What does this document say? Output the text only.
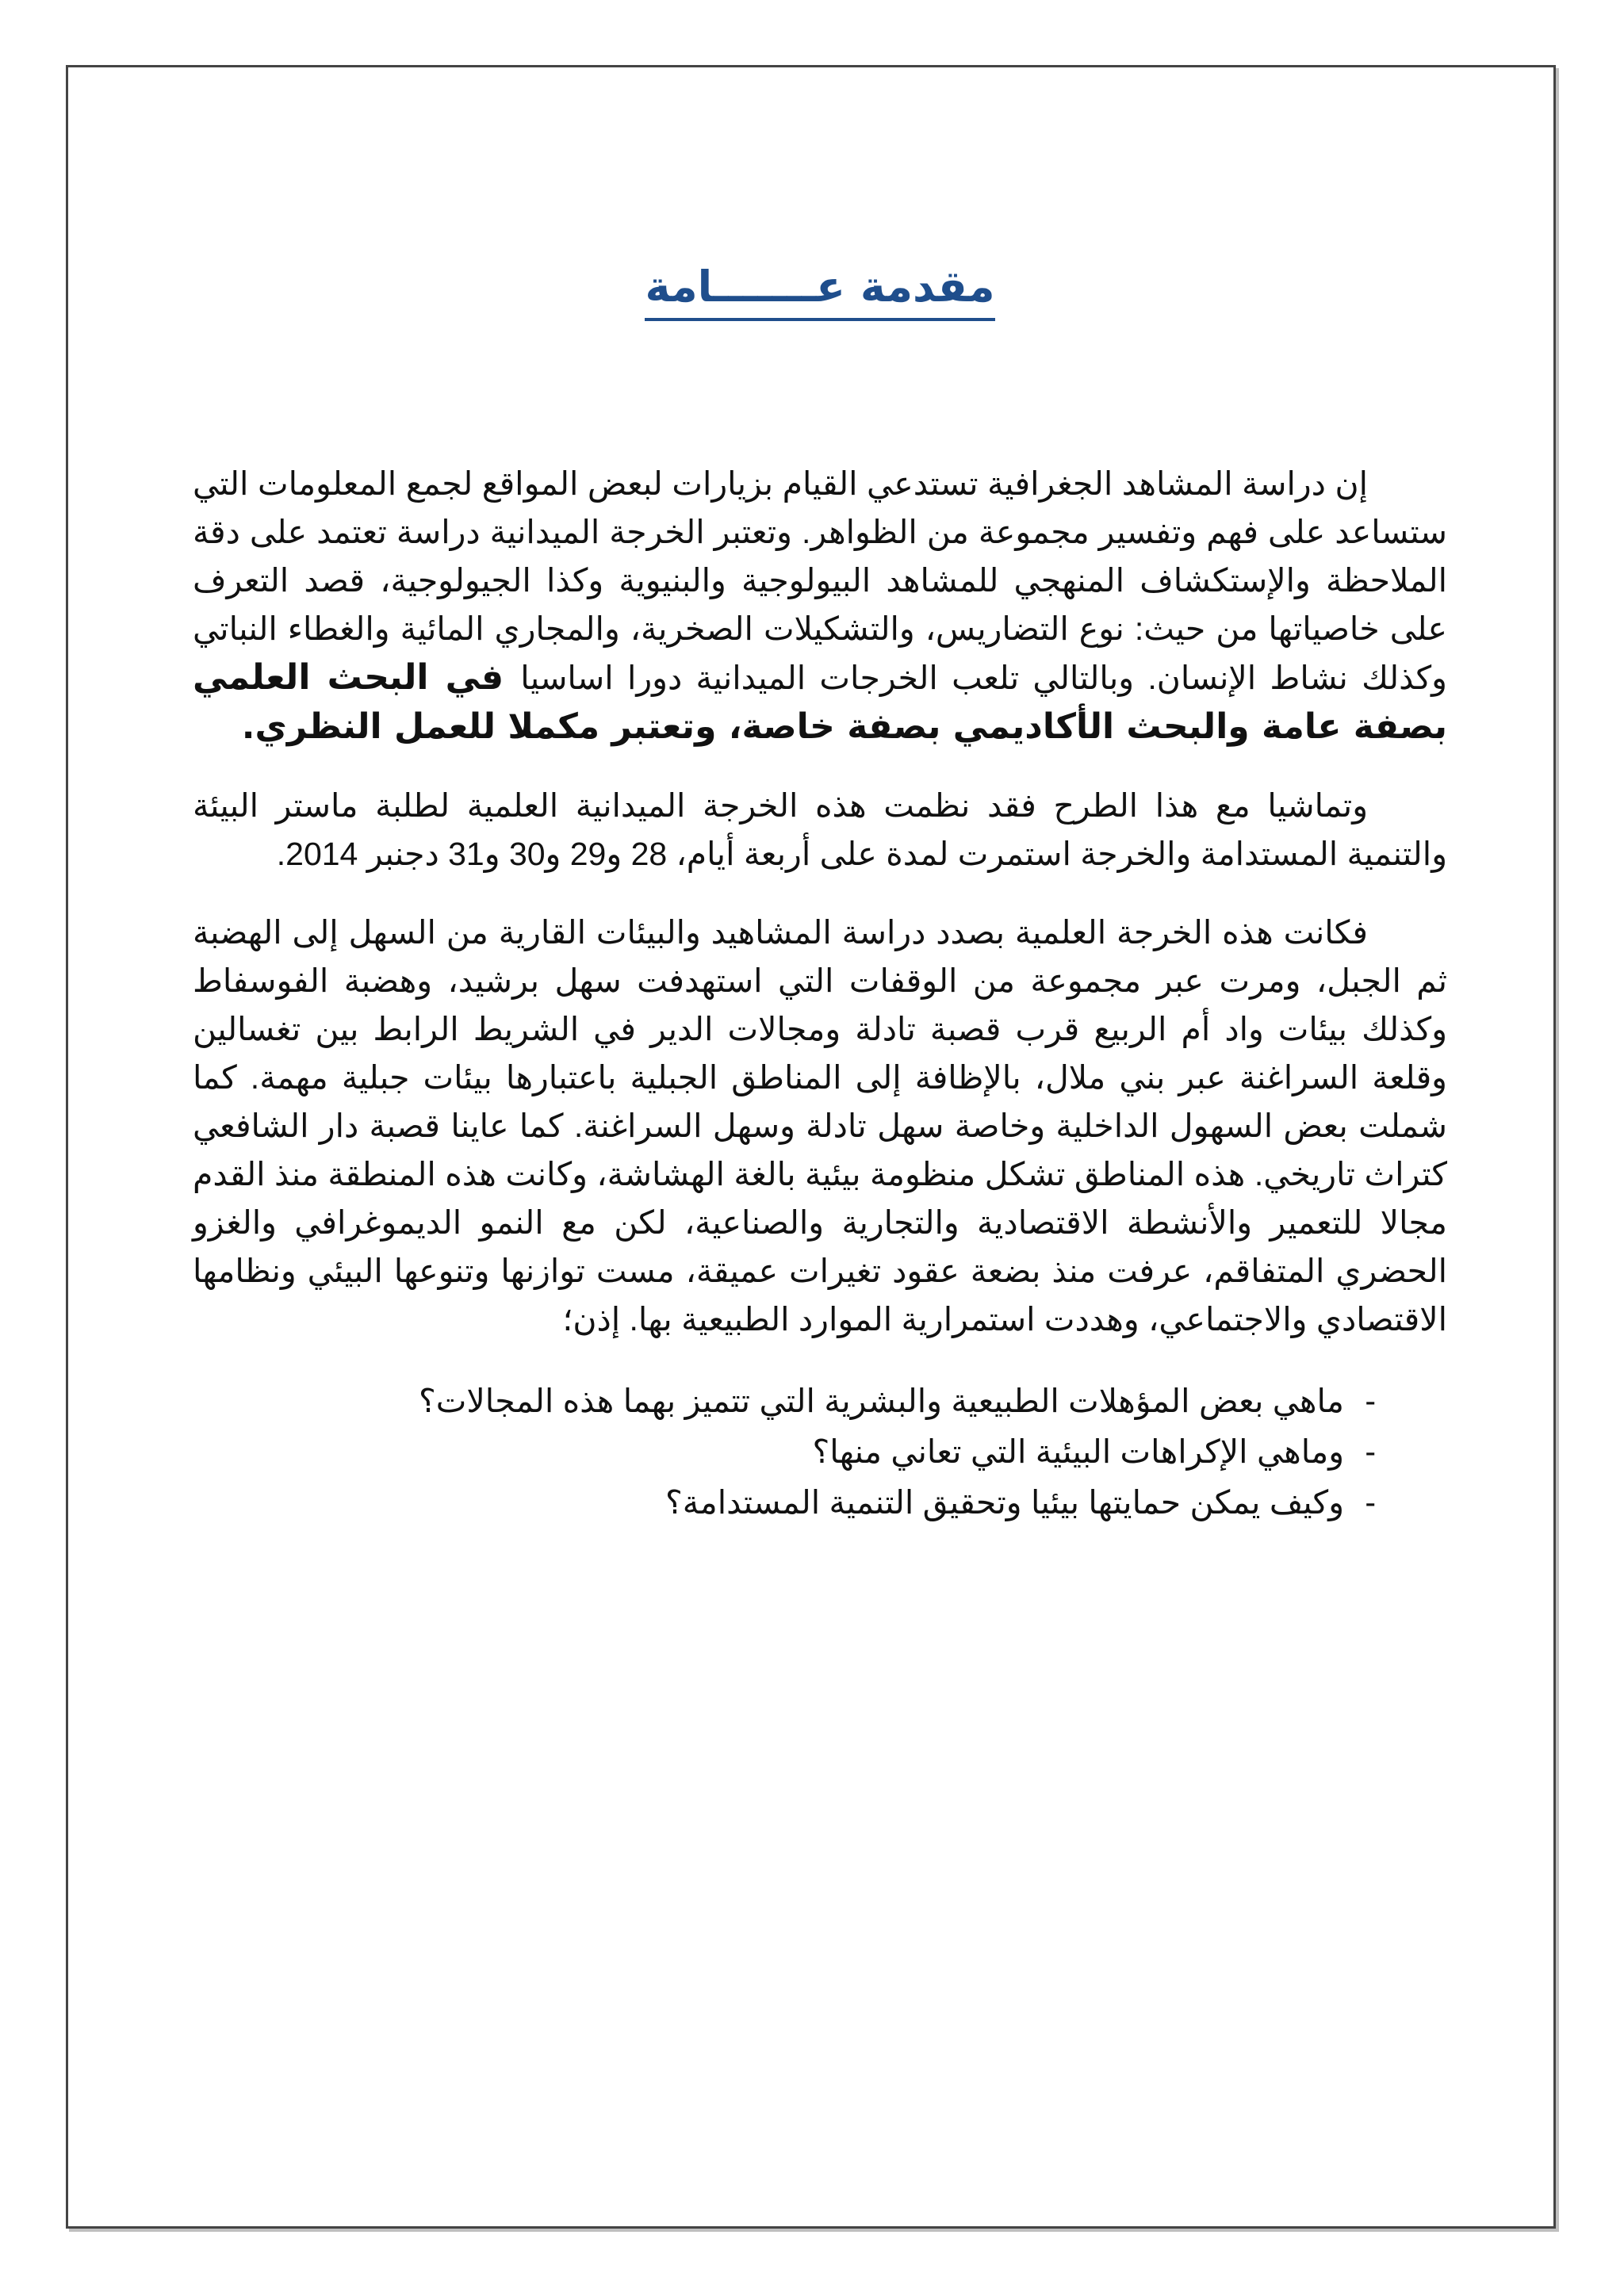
مقدمة عـــــــامة

إن دراسة المشاهد الجغرافية تستدعي القيام بزيارات لبعض المواقع لجمع المعلومات التي ستساعد على فهم وتفسير مجموعة من الظواهر. وتعتبر الخرجة الميدانية دراسة تعتمد على دقة الملاحظة والإستكشاف المنهجي للمشاهد البيولوجية والبنيوية وكذا الجيولوجية، قصد التعرف على خاصياتها من حيث: نوع التضاريس، والتشكيلات الصخرية، والمجاري المائية والغطاء النباتي وكذلك نشاط الإنسان. وبالتالي تلعب الخرجات الميدانية دورا اساسيا في البحث العلمي بصفة عامة والبحث الأكاديمي بصفة خاصة، وتعتبر مكملا للعمل النظري.

وتماشيا مع هذا الطرح فقد نظمت هذه الخرجة الميدانية العلمية لطلبة ماستر البيئة والتنمية المستدامة والخرجة استمرت لمدة على أربعة أيام، 28 و29 و30 و31 دجنبر 2014.

فكانت هذه الخرجة العلمية بصدد دراسة المشاهيد والبيئات القارية من السهل إلى الهضبة ثم الجبل، ومرت عبر مجموعة من الوقفات التي استهدفت سهل برشيد، وهضبة الفوسفاط وكذلك بيئات واد أم الربيع قرب قصبة تادلة ومجالات الدير في الشريط الرابط بين تغسالين وقلعة السراغنة عبر بني ملال، بالإظافة إلى المناطق الجبلية باعتبارها بيئات جبلية مهمة. كما شملت بعض السهول الداخلية وخاصة سهل تادلة وسهل السراغنة. كما عاينا قصبة دار الشافعي كتراث تاريخي. هذه المناطق تشكل منظومة بيئية بالغة الهشاشة، وكانت هذه المنطقة منذ القدم مجالا للتعمير والأنشطة الاقتصادية والتجارية والصناعية، لكن مع النمو الديموغرافي والغزو الحضري المتفاقم، عرفت منذ بضعة عقود تغيرات عميقة، مست توازنها وتنوعها البيئي ونظامها الاقتصادي والاجتماعي، وهددت استمرارية الموارد الطبيعية بها. إذن؛

-
ماهي بعض المؤهلات الطبيعية والبشرية التي تتميز بهما هذه المجالات؟
-
وماهي الإكراهات البيئية التي تعاني منها؟
-
وكيف يمكن حمايتها بيئيا وتحقيق التنمية المستدامة؟
